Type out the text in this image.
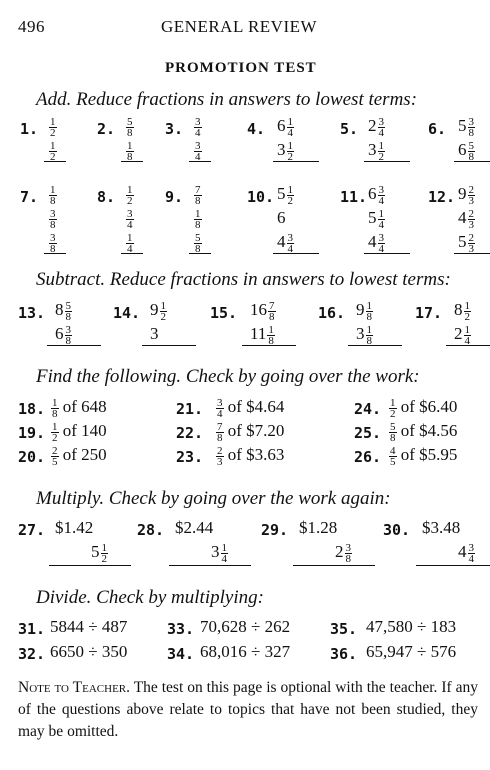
496	GENERAL REVIEW
PROMOTION TEST
Add. Reduce fractions in answers to lowest terms:
1. $\frac{1}{2}$
$\frac{1}{2}$
2. $\frac{5}{8}$
$\frac{1}{8}$
3. $\frac{3}{4}$
$\frac{3}{4}$
4. $6 \frac{1}{4}$
$3 \frac{1}{2}$
5. $2 \frac{3}{4}$
$3 \frac{1}{2}$
6. $5 \frac{3}{8}$
$6 \frac{5}{8}$
7. $\frac{1}{8}$
$\frac{3}{8}$
$\frac{3}{8}$
8. $\frac{1}{2}$
$\frac{3}{4}$
$\frac{1}{4}$
9. $\frac{7}{8}$
$\frac{1}{8}$
$\frac{5}{8}$
10. $5 \frac{1}{2}$
6
$4 \frac{3}{4}$
11. $6 \frac{3}{4}$
$5 \frac{1}{4}$
$4 \frac{3}{4}$
12. $9 \frac{2}{3}$
$4 \frac{2}{3}$
$5 \frac{2}{3}$
Subtract. Reduce fractions in answers to lowest terms:
13. $8 \frac{5}{8}$
$6 \frac{3}{8}$
14. $9 \frac{1}{2}$
3
15. $16 \frac{7}{8}$
$11 \frac{1}{8}$
16. $9 \frac{1}{8}$
$3 \frac{1}{8}$
17. $8 \frac{1}{2}$
$2 \frac{1}{4}$
Find the following. Check by going over the work:
18. $\frac{1}{8}$ of 648	21. $\frac{3}{4}$ of $4.64	24. $\frac{1}{2}$ of $6.40
19. $\frac{1}{2}$ of 140	22. $\frac{7}{8}$ of $7.20	25. $\frac{5}{8}$ of $4.56
20. $\frac{2}{5}$ of 250	23. $\frac{2}{3}$ of $3.63	26. $\frac{4}{5}$ of $5.95
Multiply. Check by going over the work again:
27. $1.42
$5 \frac{1}{2}$
28. $2.44
$3 \frac{1}{4}$
29. $1.28
$2 \frac{3}{8}$
30. $3.48
$4 \frac{3}{4}$
Divide. Check by multiplying:
31. 5844 ÷ 487	33. 70,628 ÷ 262	35. 47,580 ÷ 183
32. 6650 ÷ 350	34. 68,016 ÷ 327	36. 65,947 ÷ 576
Note to Teacher. The test on this page is optional with the teacher. If any of the questions above relate to topics that have not been studied, they may be omitted.
